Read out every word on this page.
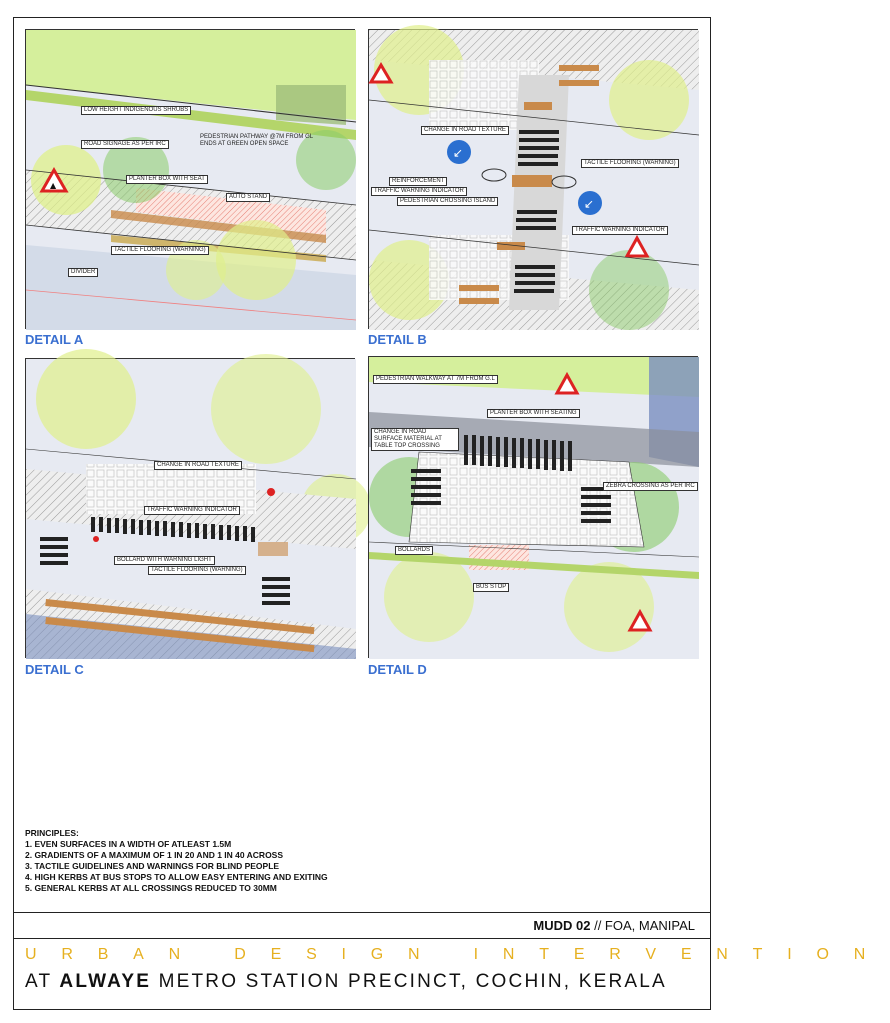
▲
LOW HEIGHT INDIGENOUS SHRUBS
ROAD SIGNAGE AS PER IRC
PEDESTRIAN PATHWAY @7M FROM GL ENDS AT GREEN OPEN SPACE
PLANTER BOX WITH SEAT
AUTO STAND
TACTILE FLOORING (WARNING)
DIVIDER
DETAIL A
↙
↙
CHANGE IN ROAD TEXTURE
TACTILE FLOORING (WARNING)
REINFORCEMENT
TRAFFIC WARNING INDICATOR
PEDESTRIAN CROSSING ISLAND
TRAFFIC WARNING INDICATOR
DETAIL B
CHANGE IN ROAD TEXTURE
TRAFFIC WARNING INDICATOR
BOLLARD WITH WARNING LIGHT
TACTILE FLOORING (WARNING)
DETAIL C
PEDESTRIAN WALKWAY AT 7M FROM G.L
PLANTER BOX WITH SEATING
CHANGE IN ROAD SURFACE MATERIAL AT TABLE TOP CROSSING
ZEBRA CROSSING AS PER IRC
BOLLARDS
BUS STOP
DETAIL D
PRINCIPLES:
1. EVEN SURFACES IN A WIDTH OF ATLEAST 1.5M
2. GRADIENTS OF A MAXIMUM OF 1 IN 20 AND 1 IN 40 ACROSS
3. TACTILE GUIDELINES AND WARNINGS FOR BLIND PEOPLE
4. HIGH KERBS AT BUS STOPS TO ALLOW EASY ENTERING AND EXITING
5. GENERAL KERBS AT ALL CROSSINGS REDUCED TO 30MM
MUDD 02 // FOA, MANIPAL
URBAN DESIGN INTERVENTION
AT ALWAYE METRO STATION PRECINCT, COCHIN, KERALA
